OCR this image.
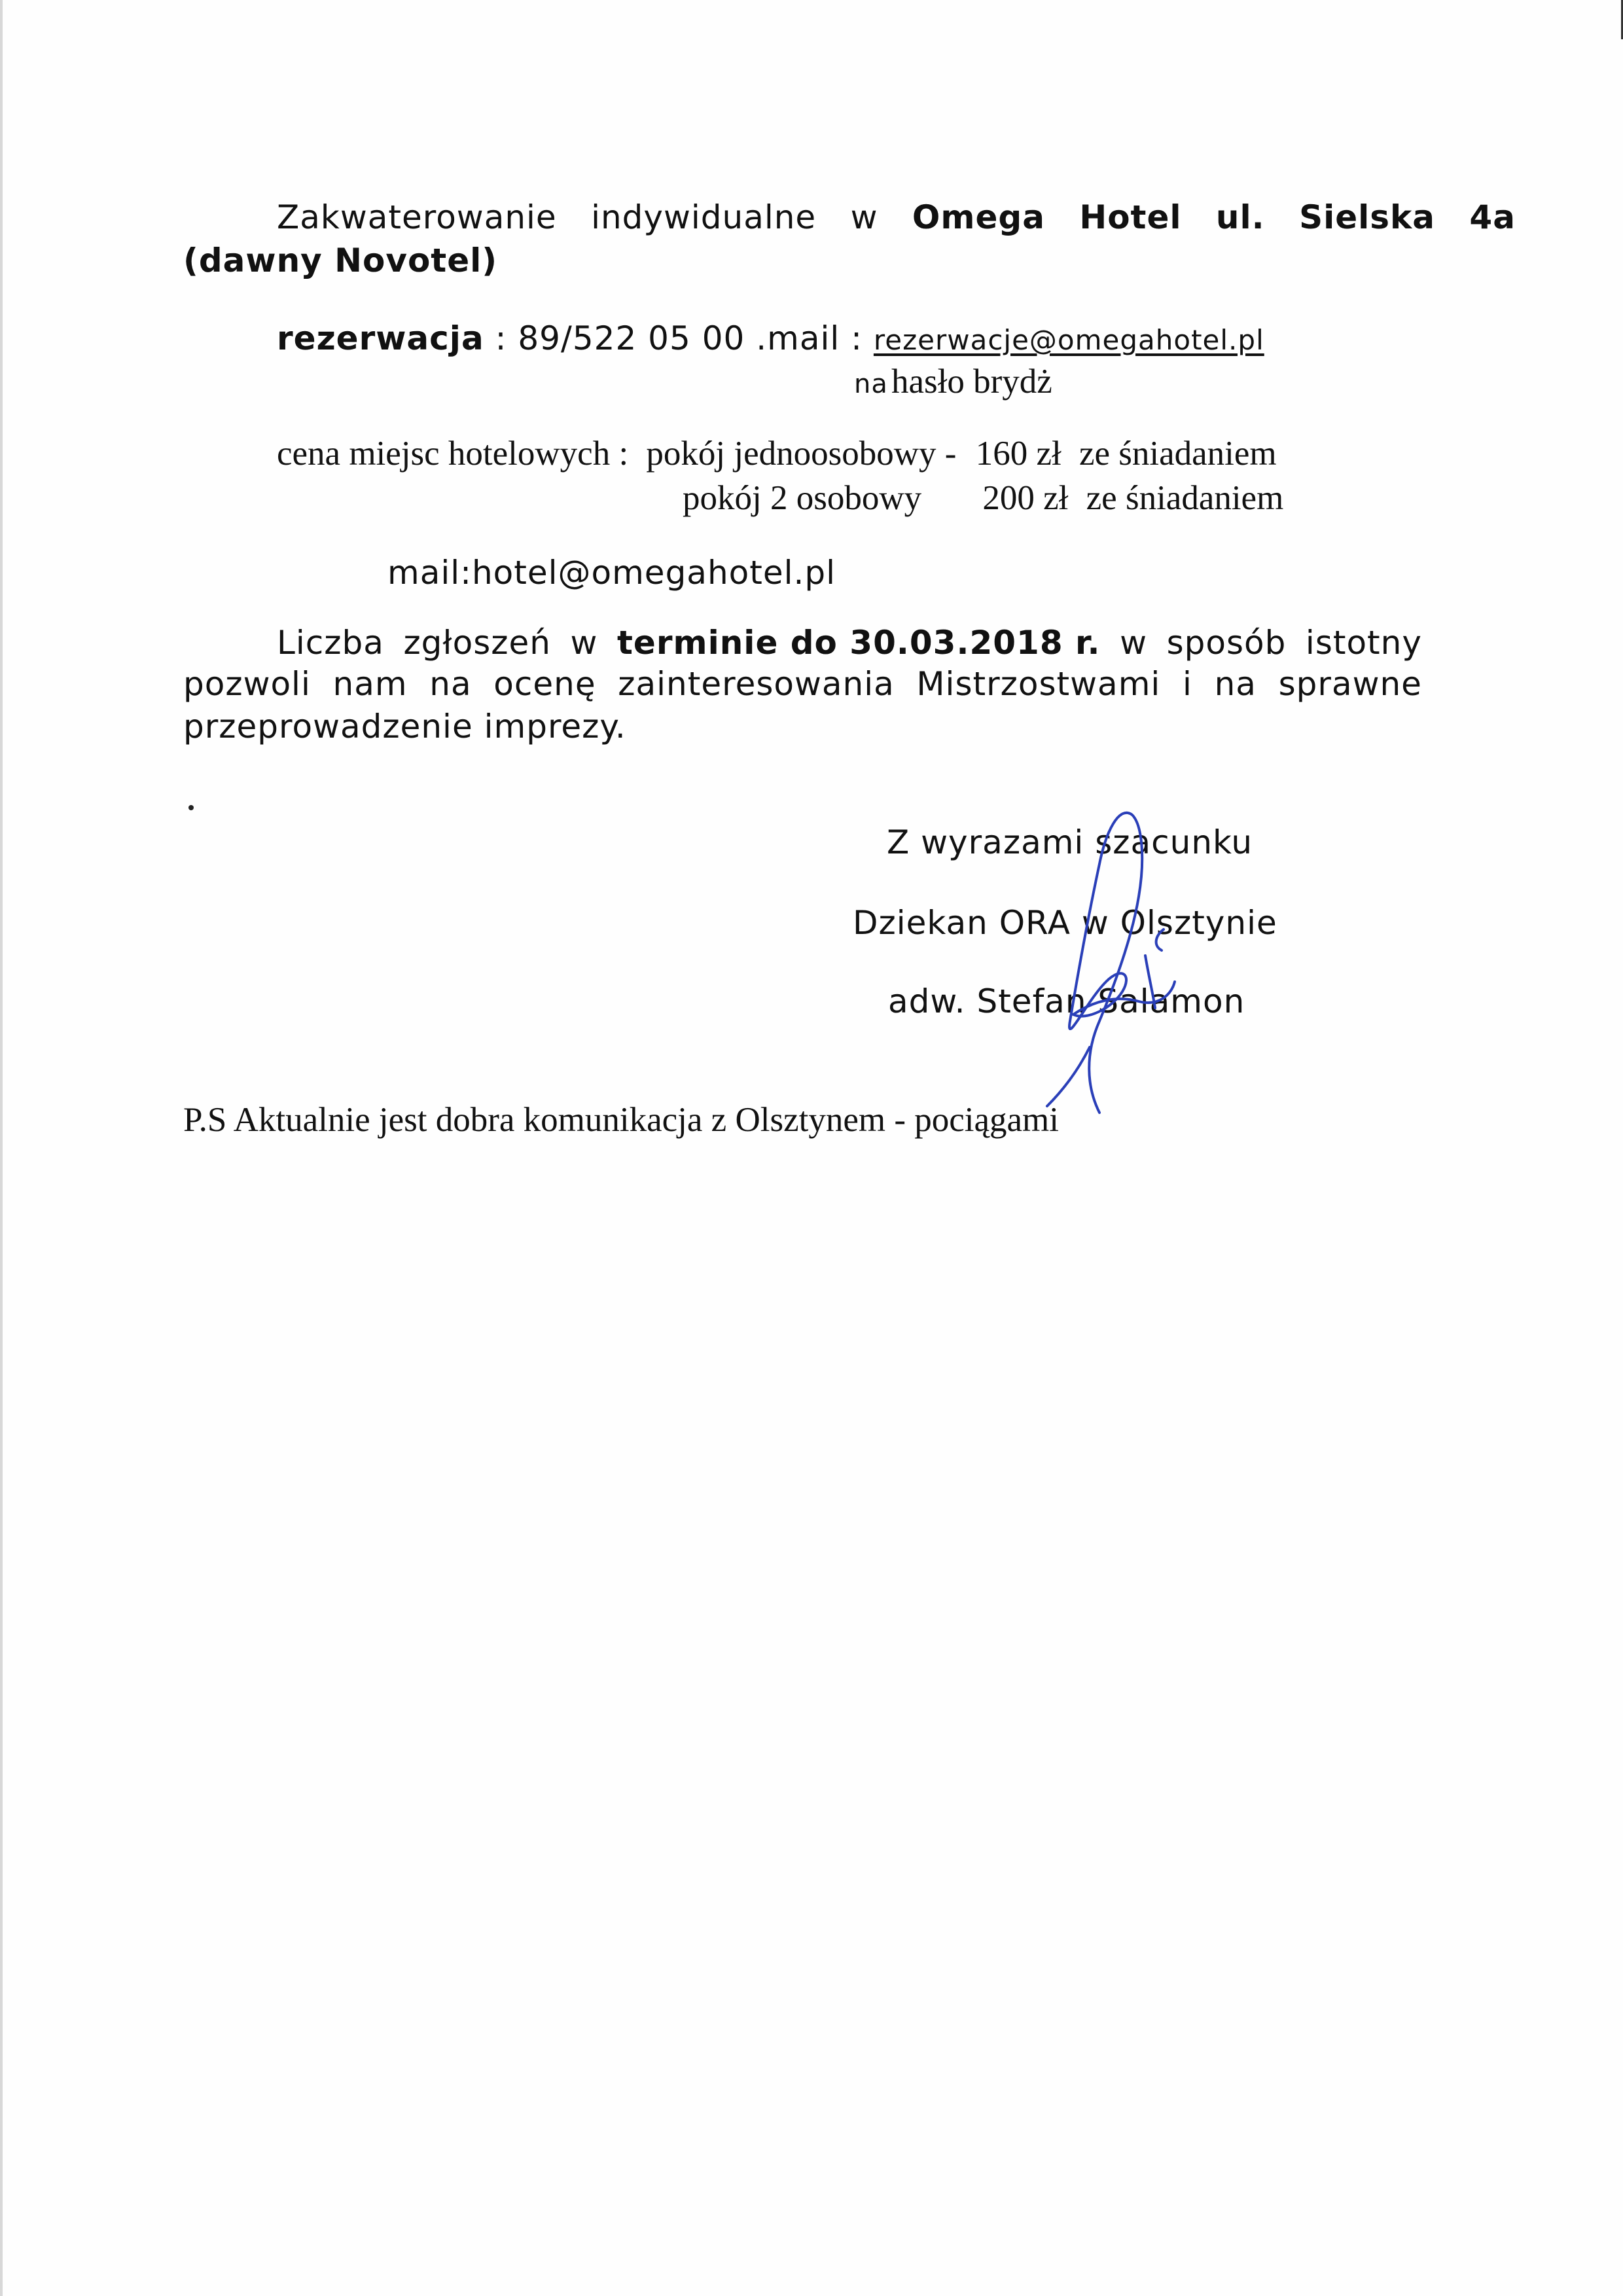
Zakwaterowanie indywidualne w Omega Hotel ul. Sielska 4a
(dawny Novotel)
rezerwacja : 89/522 05 00 .mail : rezerwacje@omegahotel.pl
na hasło brydż
cena miejsc hotelowych : pokój jednoosobowy - 160 zł ze śniadaniem
pokój 2 osobowy 200 zł ze śniadaniem
mail:hotel@omegahotel.pl
Liczba zgłoszeń w terminie do 30.03.2018 r. w sposób istotny
pozwoli nam na ocenę zainteresowania Mistrzostwami i na sprawne
przeprowadzenie imprezy.
Z wyrazami szacunku
Dziekan ORA w Olsztynie
adw. Stefan Salamon
P.S Aktualnie jest dobra komunikacja z Olsztynem - pociągami
